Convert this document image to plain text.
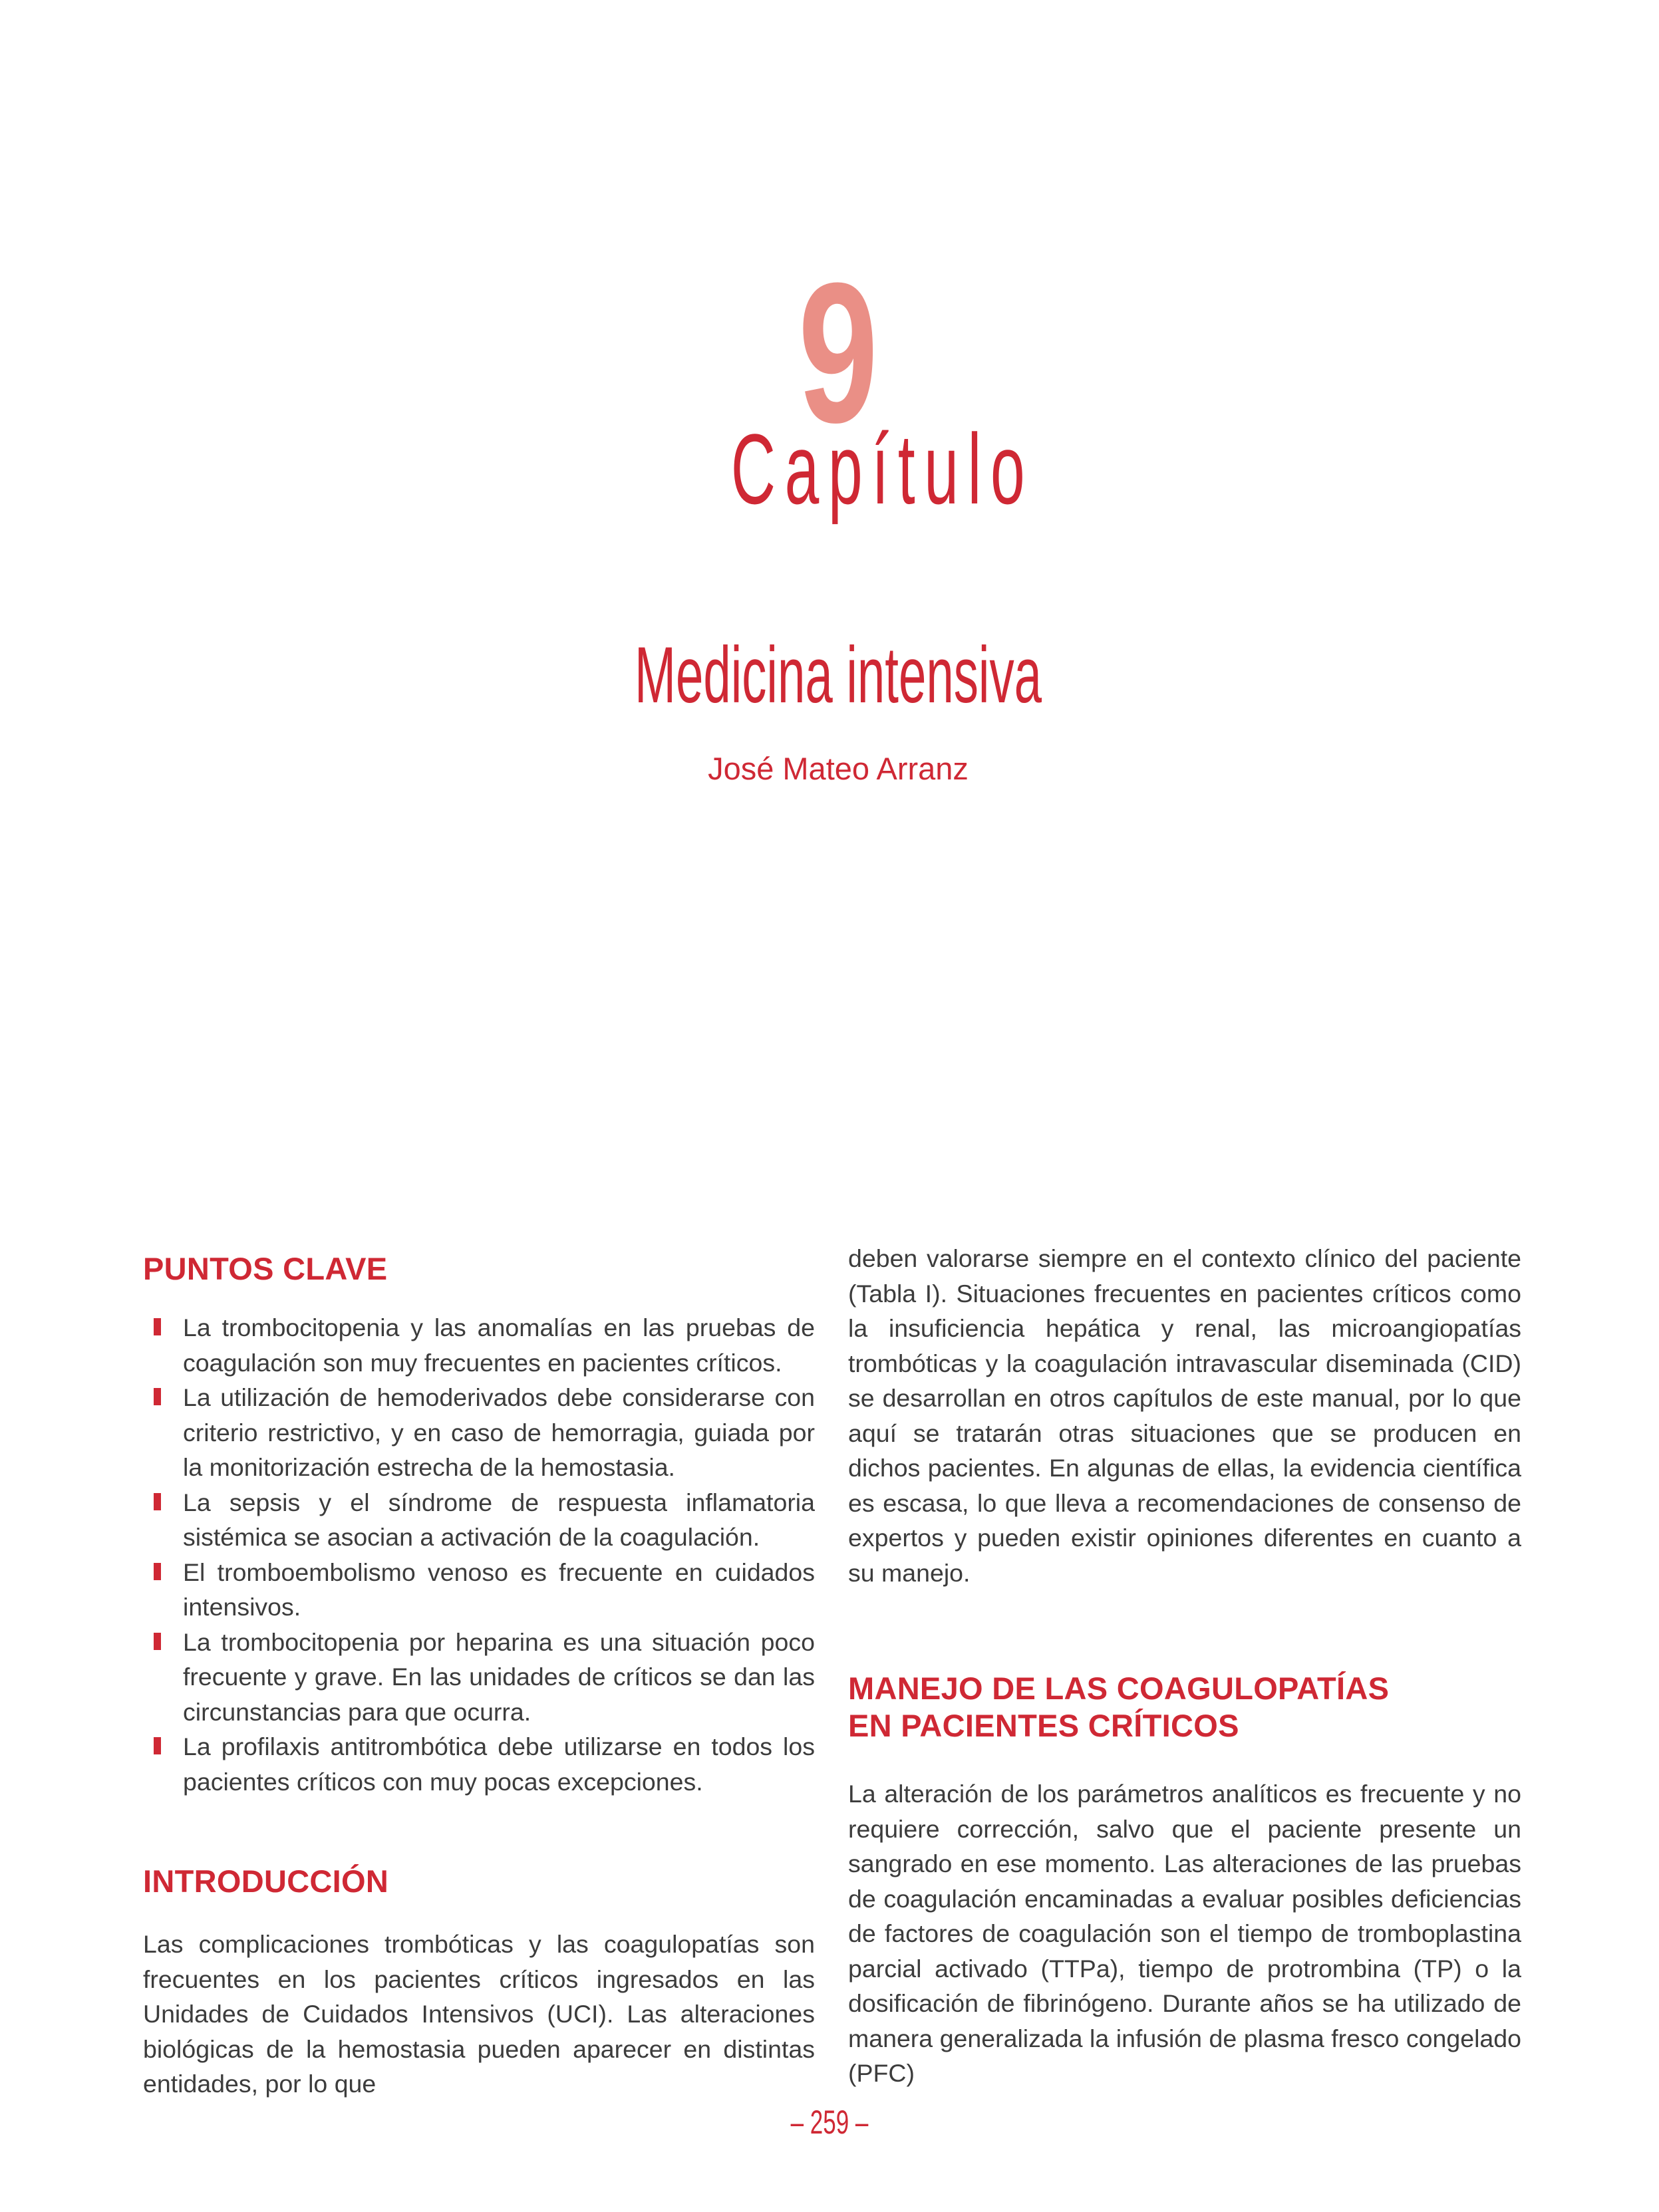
9
Capítulo
Medicina intensiva
José Mateo Arranz
PUNTOS CLAVE
La trombocitopenia y las anomalías en las pruebas de coagulación son muy frecuentes en pacientes críticos.
La utilización de hemoderivados debe considerarse con criterio restrictivo, y en caso de hemorragia, guiada por la monitorización estrecha de la hemostasia.
La sepsis y el síndrome de respuesta inflamatoria sistémica se asocian a activación de la coagulación.
El tromboembolismo venoso es frecuente en cuidados intensivos.
La trombocitopenia por heparina es una situación poco frecuente y grave. En las unidades de críticos se dan las circunstancias para que ocurra.
La profilaxis antitrombótica debe utilizarse en todos los pacientes críticos con muy pocas excepciones.
INTRODUCCIÓN

Las complicaciones trombóticas y las coagulopatías son frecuentes en los pacientes críticos ingresados en las Unidades de Cuidados Intensivos (UCI). Las alteraciones biológicas de la hemostasia pueden aparecer en distintas entidades, por lo que

deben valorarse siempre en el contexto clínico del paciente (Tabla I). Situaciones frecuentes en pacientes críticos como la insuficiencia hepática y renal, las microangiopatías trombóticas y la coagulación intravascular diseminada (CID) se desarrollan en otros capítulos de este manual, por lo que aquí se tratarán otras situaciones que se producen en dichos pacientes. En algunas de ellas, la evidencia científica es escasa, lo que lleva a recomendaciones de consenso de expertos y pueden existir opiniones diferentes en cuanto a su manejo.

MANEJO DE LAS COAGULOPATÍAS
EN PACIENTES CRÍTICOS

La alteración de los parámetros analíticos es frecuente y no requiere corrección, salvo que el paciente presente un sangrado en ese momento. Las alteraciones de las pruebas de coagulación encaminadas a evaluar posibles deficiencias de factores de coagulación son el tiempo de tromboplastina parcial activado (TTPa), tiempo de protrombina (TP) o la dosificación de fibrinógeno. Durante años se ha utilizado de manera generalizada la infusión de plasma fresco congelado (PFC)

– 259 –
